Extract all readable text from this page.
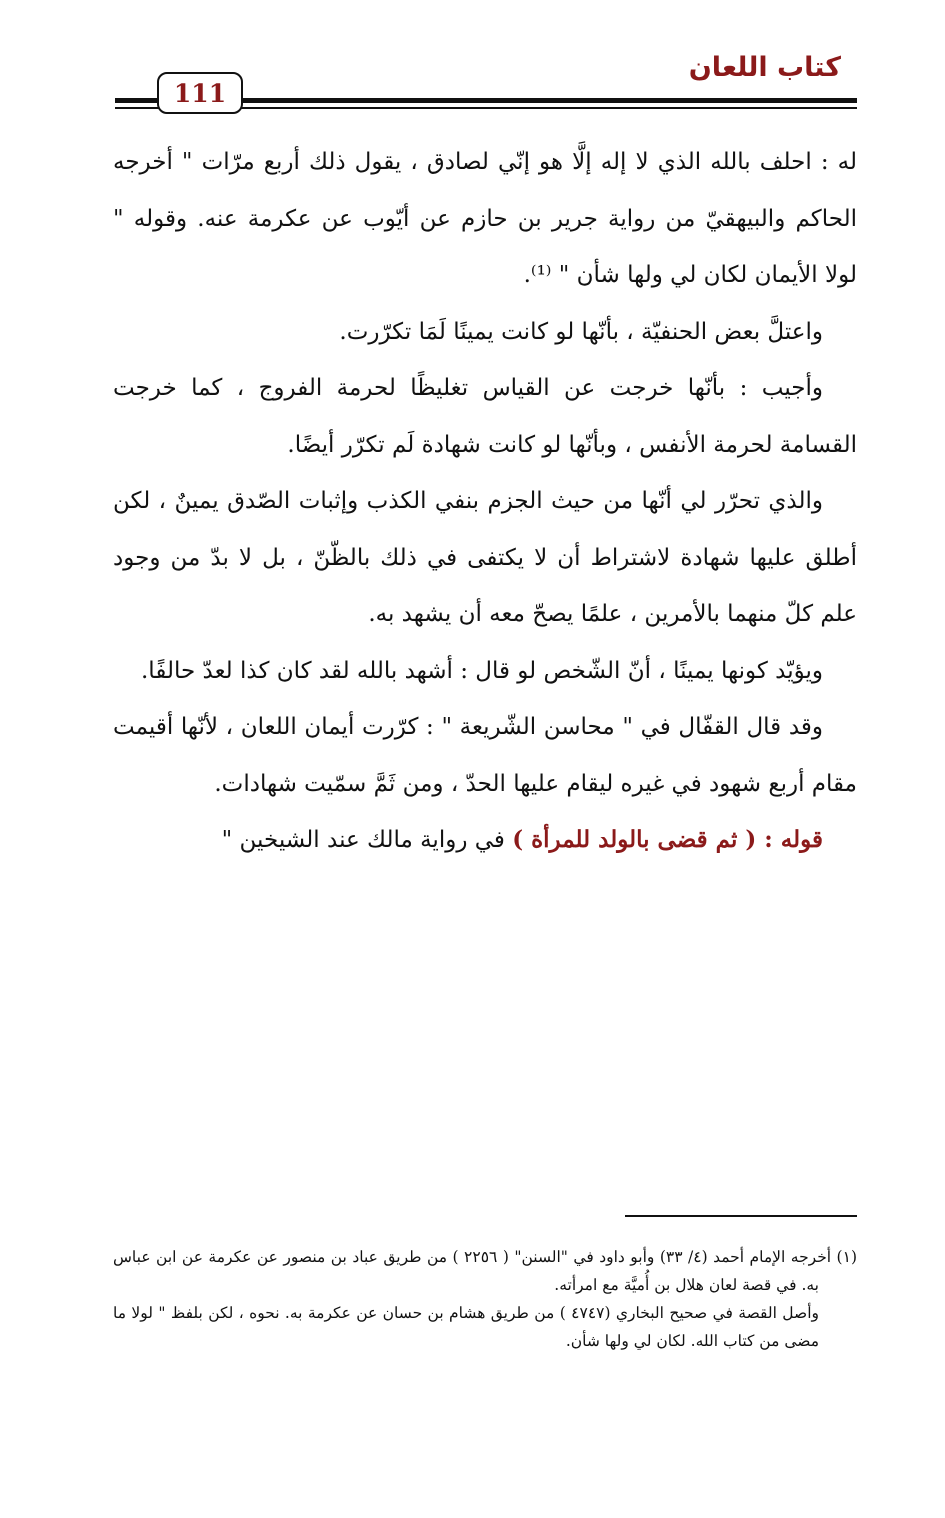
كتاب اللعان
111

له : احلف بالله الذي لا إله إلَّا هو إنّي لصادق ، يقول ذلك أربع مرّات " أخرجه الحاكم والبيهقيّ من رواية جرير بن حازم عن أيّوب عن عكرمة عنه. وقوله " لولا الأيمان لكان لي ولها شأن " ⁽¹⁾.

واعتلَّ بعض الحنفيّة ، بأنّها لو كانت يمينًا لَمَا تكرّرت.

وأجيب : بأنّها خرجت عن القياس تغليظًا لحرمة الفروج ، كما خرجت القسامة لحرمة الأنفس ، وبأنّها لو كانت شهادة لَم تكرّر أيضًا.

والذي تحرّر لي أنّها من حيث الجزم بنفي الكذب وإثبات الصّدق يمينٌ ، لكن أطلق عليها شهادة لاشتراط أن لا يكتفى في ذلك بالظّنّ ، بل لا بدّ من وجود علم كلّ منهما بالأمرين ، علمًا يصحّ معه أن يشهد به.

ويؤيّد كونها يمينًا ، أنّ الشّخص لو قال : أشهد بالله لقد كان كذا لعدّ حالفًا.

وقد قال القفّال في " محاسن الشّريعة " : كرّرت أيمان اللعان ، لأنّها أقيمت مقام أربع شهود في غيره ليقام عليها الحدّ ، ومن ثَمَّ سمّيت شهادات.

قوله : ( ثم قضى بالولد للمرأة ) في رواية مالك عند الشيخين "

(١) أخرجه الإمام أحمد (٤/ ٣٣) وأبو داود في "السنن" ( ٢٢٥٦ ) من طريق عباد بن منصور عن عكرمة عن ابن عباس به. في قصة لعان هلال بن أُميَّة مع امرأته.

وأصل القصة في صحيح البخاري (٤٧٤٧ ) من طريق هشام بن حسان عن عكرمة به. نحوه ، لكن بلفظ " لولا ما مضى من كتاب الله. لكان لي ولها شأن.
